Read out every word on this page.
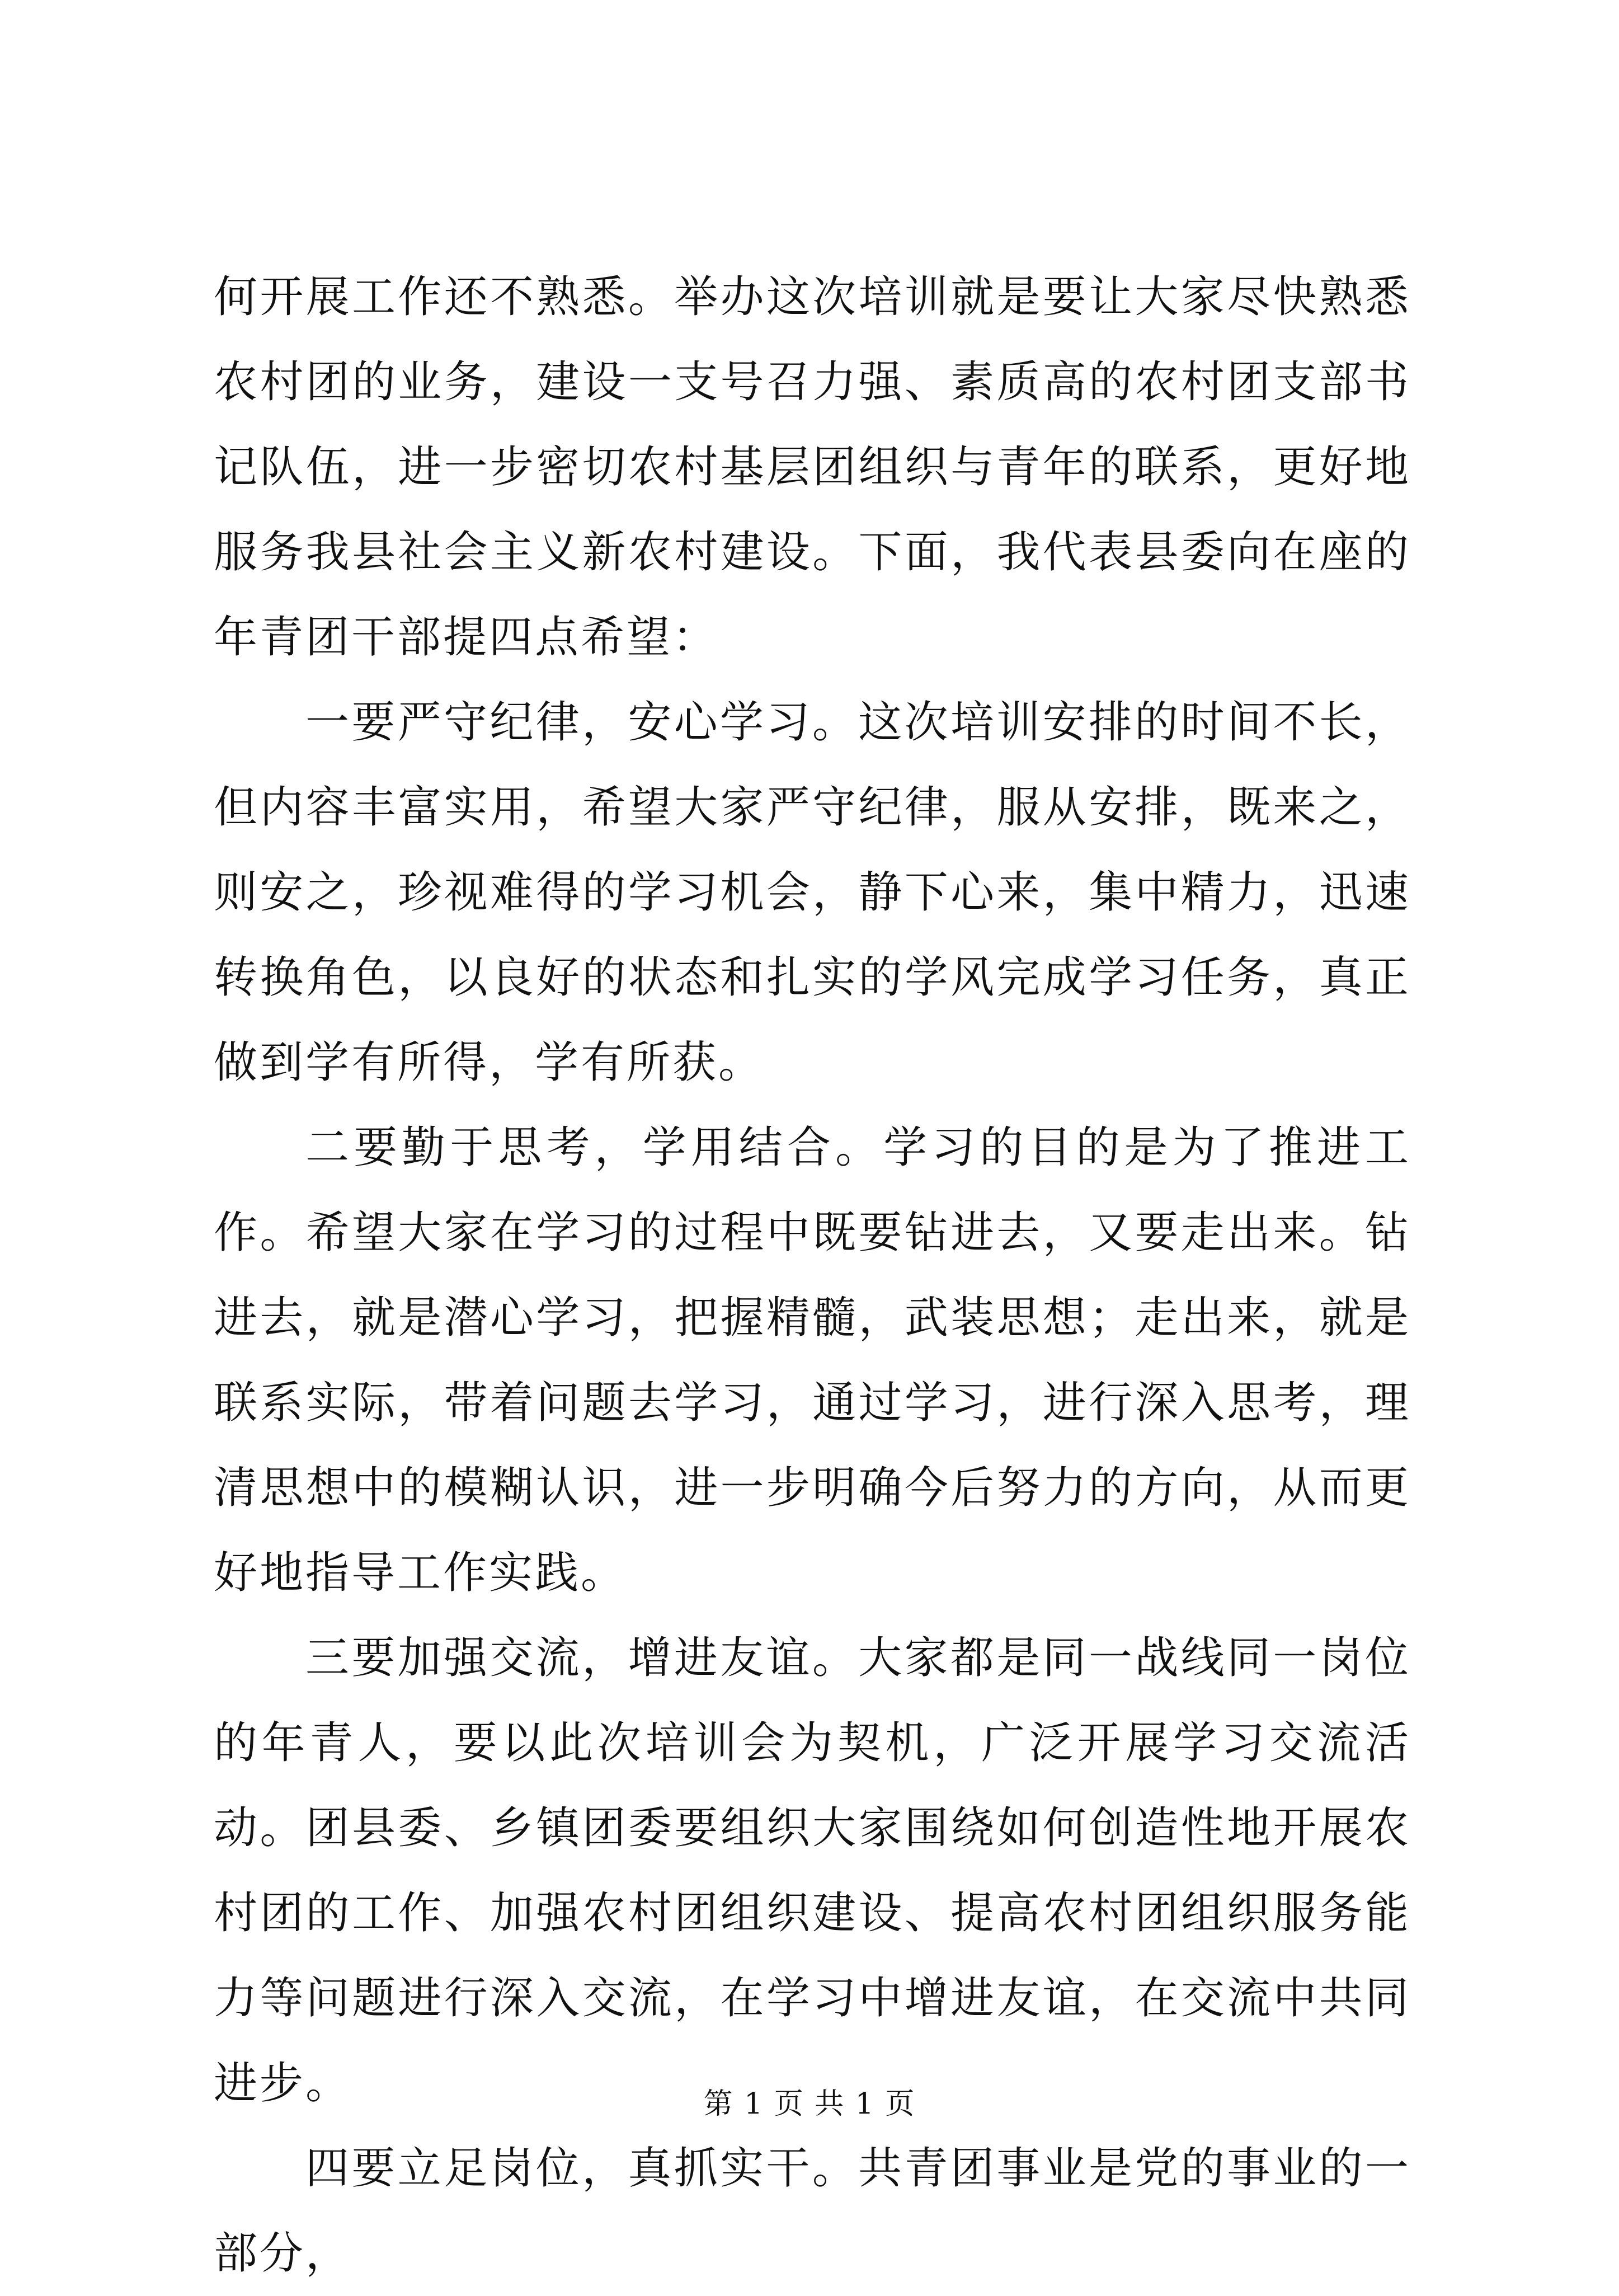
何开展工作还不熟悉。举办这次培训就是要让大家尽快熟悉农村团的业务，建设一支号召力强、素质高的农村团支部书记队伍，进一步密切农村基层团组织与青年的联系，更好地服务我县社会主义新农村建设。下面，我代表县委向在座的年青团干部提四点希望：

一要严守纪律，安心学习。这次培训安排的时间不长，但内容丰富实用，希望大家严守纪律，服从安排，既来之，则安之，珍视难得的学习机会，静下心来，集中精力，迅速转换角色，以良好的状态和扎实的学风完成学习任务，真正做到学有所得，学有所获。

二要勤于思考，学用结合。学习的目的是为了推进工作。希望大家在学习的过程中既要钻进去，又要走出来。钻进去，就是潜心学习，把握精髓，武装思想；走出来，就是联系实际，带着问题去学习，通过学习，进行深入思考，理清思想中的模糊认识，进一步明确今后努力的方向，从而更好地指导工作实践。

三要加强交流，增进友谊。大家都是同一战线同一岗位的年青人，要以此次培训会为契机，广泛开展学习交流活动。团县委、乡镇团委要组织大家围绕如何创造性地开展农村团的工作、加强农村团组织建设、提高农村团组织服务能力等问题进行深入交流，在学习中增进友谊，在交流中共同进步。

四要立足岗位，真抓实干。共青团事业是党的事业的一部分，

第 1 页 共 1 页
